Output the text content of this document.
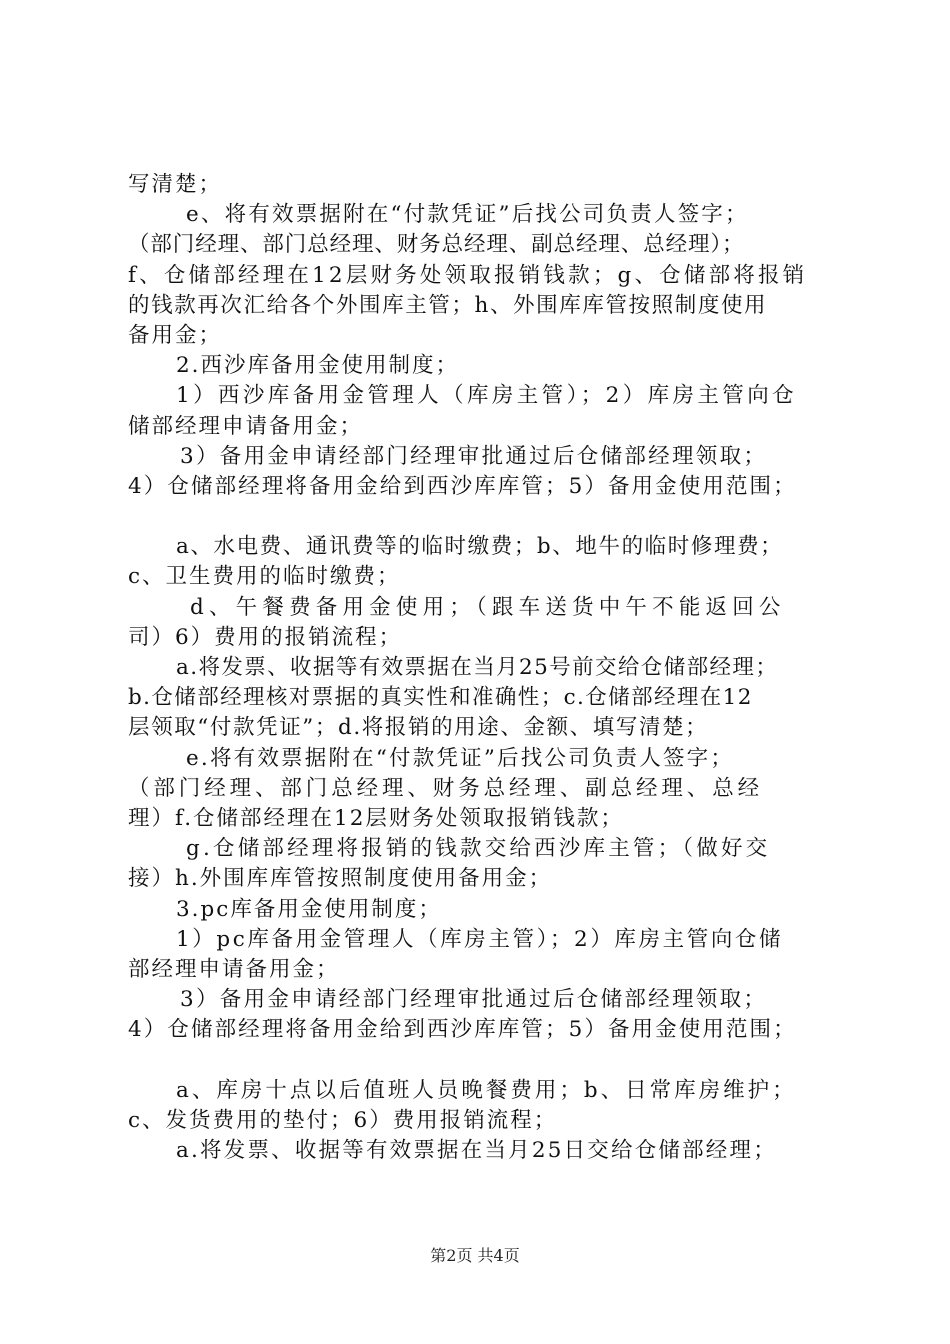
写清楚；
e、将有效票据附在“付款凭证”后找公司负责人签字；
（部门经理、部门总经理、财务总经理、副总经理、总经理）；
f、仓储部经理在12层财务处领取报销钱款；g、仓储部将报销
的钱款再次汇给各个外围库主管；h、外围库库管按照制度使用
备用金；
2.西沙库备用金使用制度；
1）西沙库备用金管理人（库房主管）；2）库房主管向仓
储部经理申请备用金；
3）备用金申请经部门经理审批通过后仓储部经理领取；
4）仓储部经理将备用金给到西沙库库管；5）备用金使用范围；
a、水电费、通讯费等的临时缴费；b、地牛的临时修理费；
c、卫生费用的临时缴费；
d、午餐费备用金使用；（跟车送货中午不能返回公
司）6）费用的报销流程；
a.将发票、收据等有效票据在当月25号前交给仓储部经理；
b.仓储部经理核对票据的真实性和准确性；c.仓储部经理在12
层领取“付款凭证”；d.将报销的用途、金额、填写清楚；
e.将有效票据附在“付款凭证”后找公司负责人签字；
（部门经理、部门总经理、财务总经理、副总经理、总经
理）f.仓储部经理在12层财务处领取报销钱款；
g.仓储部经理将报销的钱款交给西沙库主管；（做好交
接）h.外围库库管按照制度使用备用金；
3.pc库备用金使用制度；
1）pc库备用金管理人（库房主管）；2）库房主管向仓储
部经理申请备用金；
3）备用金申请经部门经理审批通过后仓储部经理领取；
4）仓储部经理将备用金给到西沙库库管；5）备用金使用范围；
a、库房十点以后值班人员晚餐费用；b、日常库房维护；
c、发货费用的垫付；6）费用报销流程；
a.将发票、收据等有效票据在当月25日交给仓储部经理；
第2页 共4页
